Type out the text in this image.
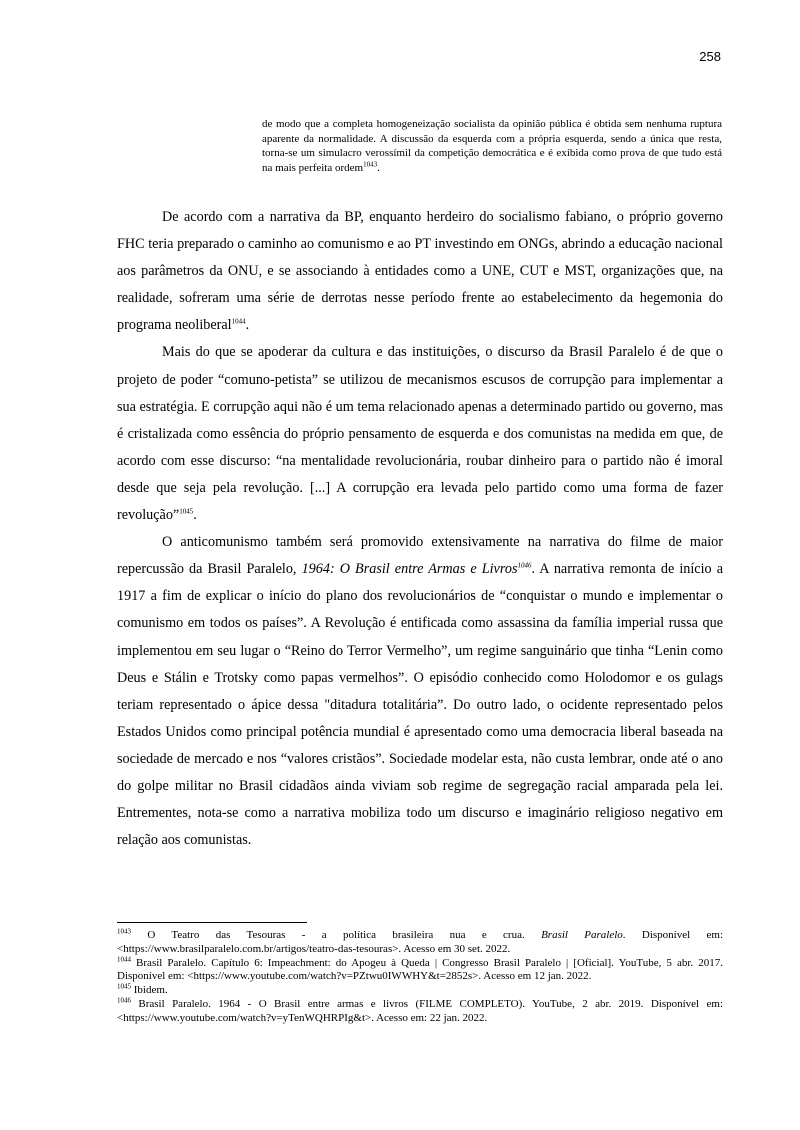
258

de modo que a completa homogeneização socialista da opinião pública é obtida sem nenhuma ruptura aparente da normalidade. A discussão da esquerda com a própria esquerda, sendo a única que resta, torna-se um simulacro verossímil da competição democrática e é exibida como prova de que tudo está na mais perfeita ordem$^{1043}$.

De acordo com a narrativa da BP, enquanto herdeiro do socialismo fabiano, o próprio governo FHC teria preparado o caminho ao comunismo e ao PT investindo em ONGs, abrindo a educação nacional aos parâmetros da ONU, e se associando à entidades como a UNE, CUT e MST, organizações que, na realidade, sofreram uma série de derrotas nesse período frente ao estabelecimento da hegemonia do programa neoliberal$^{1044}$.

Mais do que se apoderar da cultura e das instituições, o discurso da Brasil Paralelo é de que o projeto de poder “comuno-petista” se utilizou de mecanismos escusos de corrupção para implementar a sua estratégia. E corrupção aqui não é um tema relacionado apenas a determinado partido ou governo, mas é cristalizada como essência do próprio pensamento de esquerda e dos comunistas na medida em que, de acordo com esse discurso: “na mentalidade revolucionária, roubar dinheiro para o partido não é imoral desde que seja pela revolução. [...] A corrupção era levada pelo partido como uma forma de fazer revolução”$^{1045}$.

O anticomunismo também será promovido extensivamente na narrativa do filme de maior repercussão da Brasil Paralelo, 1964: O Brasil entre Armas e Livros$^{1046}$. A narrativa remonta de início a 1917 a fim de explicar o início do plano dos revolucionários de “conquistar o mundo e implementar o comunismo em todos os países”. A Revolução é entificada como assassina da família imperial russa que implementou em seu lugar o “Reino do Terror Vermelho”, um regime sanguinário que tinha “Lenin como Deus e Stálin e Trotsky como papas vermelhos”. O episódio conhecido como Holodomor e os gulags teriam representado o ápice dessa "ditadura totalitária”. Do outro lado, o ocidente representado pelos Estados Unidos como principal potência mundial é apresentado como uma democracia liberal baseada na sociedade de mercado e nos “valores cristãos”. Sociedade modelar esta, não custa lembrar, onde até o ano do golpe militar no Brasil cidadãos ainda viviam sob regime de segregação racial amparada pela lei. Entrementes, nota-se como a narrativa mobiliza todo um discurso e imaginário religioso negativo em relação aos comunistas.

$^{1043}$ O Teatro das Tesouras - a política brasileira nua e crua. Brasil Paralelo. Disponível em: <https://www.brasilparalelo.com.br/artigos/teatro-das-tesouras>. Acesso em 30 set. 2022.

$^{1044}$ Brasil Paralelo. Capítulo 6: Impeachment: do Apogeu à Queda | Congresso Brasil Paralelo | [Oficial]. YouTube, 5 abr. 2017. Disponível em: <https://www.youtube.com/watch?v=PZtwu0IWWHY&t=2852s>. Acesso em 12 jan. 2022.

$^{1045}$ Ibidem.

$^{1046}$ Brasil Paralelo. 1964 - O Brasil entre armas e livros (FILME COMPLETO). YouTube, 2 abr. 2019. Disponível em: <https://www.youtube.com/watch?v=yTenWQHRPIg&t>. Acesso em: 22 jan. 2022.
